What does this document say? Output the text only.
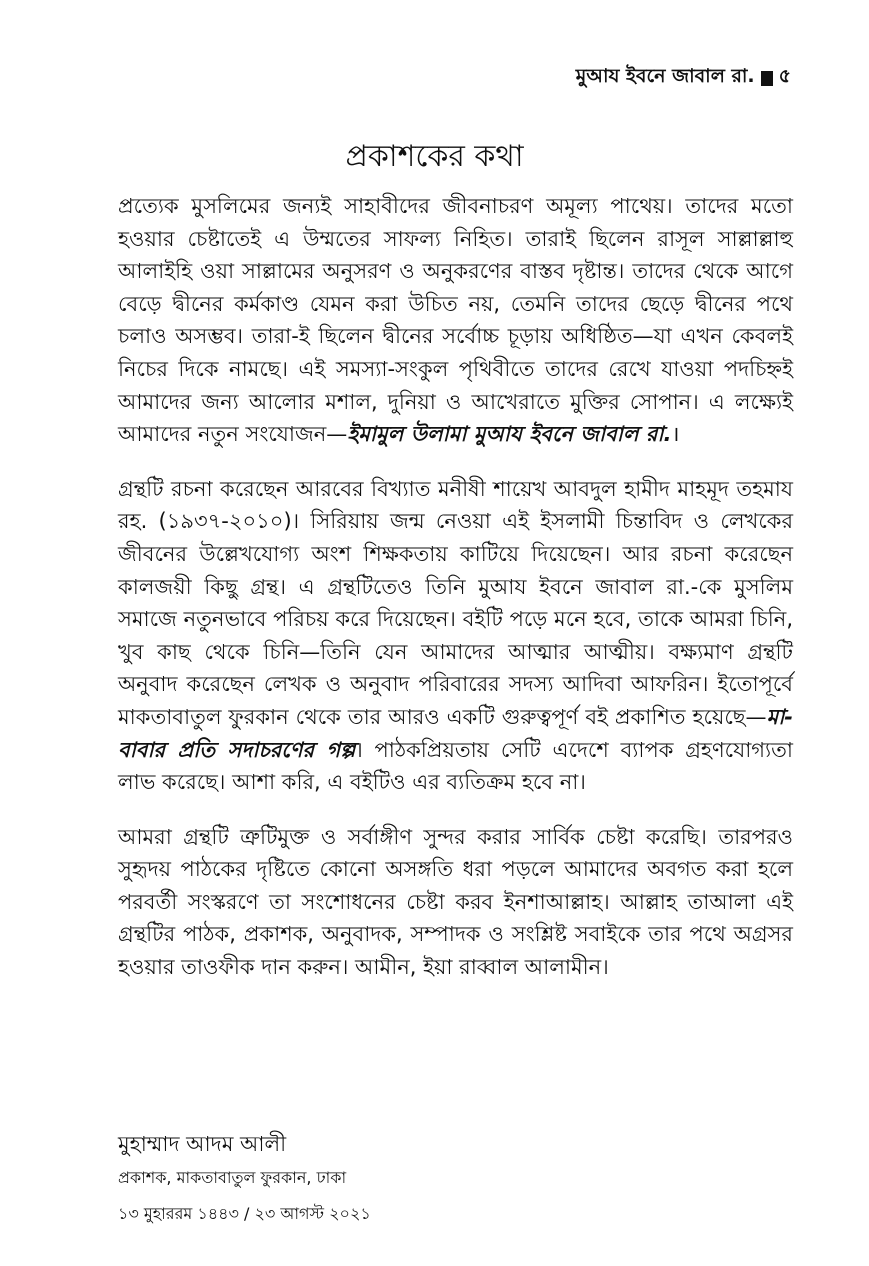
মুআয ইবনে জাবাল রা. ৫
প্রকাশকের কথা

প্রত্যেক মুসলিমের জন্যই সাহাবীদের জীবনাচরণ অমূল্য পাথেয়। তাদের মতো হওয়ার চেষ্টাতেই এ উম্মতের সাফল্য নিহিত। তারাই ছিলেন রাসূল সাল্লাল্লাহু আলাইহি ওয়া সাল্লামের অনুসরণ ও অনুকরণের বাস্তব দৃষ্টান্ত। তাদের থেকে আগে বেড়ে দ্বীনের কর্মকাণ্ড যেমন করা উচিত নয়, তেমনি তাদের ছেড়ে দ্বীনের পথে চলাও অসম্ভব। তারা-ই ছিলেন দ্বীনের সর্বোচ্চ চূড়ায় অধিষ্ঠিত—যা এখন কেবলই নিচের দিকে নামছে। এই সমস্যা-সংকুল পৃথিবীতে তাদের রেখে যাওয়া পদচিহ্নই আমাদের জন্য আলোর মশাল, দুনিয়া ও আখেরাতে মুক্তির সোপান। এ লক্ষ্যেই আমাদের নতুন সংযোজন—ইমামুল উলামা মুআয ইবনে জাবাল রা.।

গ্রন্থটি রচনা করেছেন আরবের বিখ্যাত মনীষী শায়েখ আবদুল হামীদ মাহমূদ তহমায রহ. (১৯৩৭-২০১০)। সিরিয়ায় জন্ম নেওয়া এই ইসলামী চিন্তাবিদ ও লেখকের জীবনের উল্লেখযোগ্য অংশ শিক্ষকতায় কাটিয়ে দিয়েছেন। আর রচনা করেছেন কালজয়ী কিছু গ্রন্থ। এ গ্রন্থটিতেও তিনি মুআয ইবনে জাবাল রা.-কে মুসলিম সমাজে নতুনভাবে পরিচয় করে দিয়েছেন। বইটি পড়ে মনে হবে, তাকে আমরা চিনি, খুব কাছ থেকে চিনি—তিনি যেন আমাদের আত্মার আত্মীয়। বক্ষ্যমাণ গ্রন্থটি অনুবাদ করেছেন লেখক ও অনুবাদ পরিবারের সদস্য আদিবা আফরিন। ইতোপূর্বে মাকতাবাতুল ফুরকান থেকে তার আরও একটি গুরুত্বপূর্ণ বই প্রকাশিত হয়েছে—মা-বাবার প্রতি সদাচরণের গল্প। পাঠকপ্রিয়তায় সেটি এদেশে ব্যাপক গ্রহণযোগ্যতা লাভ করেছে। আশা করি, এ বইটিও এর ব্যতিক্রম হবে না।

আমরা গ্রন্থটি ত্রুটিমুক্ত ও সর্বাঙ্গীণ সুন্দর করার সার্বিক চেষ্টা করেছি। তারপরও সুহৃদয় পাঠকের দৃষ্টিতে কোনো অসঙ্গতি ধরা পড়লে আমাদের অবগত করা হলে পরবর্তী সংস্করণে তা সংশোধনের চেষ্টা করব ইনশাআল্লাহ। আল্লাহ তাআলা এই গ্রন্থটির পাঠক, প্রকাশক, অনুবাদক, সম্পাদক ও সংশ্লিষ্ট সবাইকে তার পথে অগ্রসর হওয়ার তাওফীক দান করুন। আমীন, ইয়া রাব্বাল আলামীন।

মুহাম্মাদ আদম আলী
প্রকাশক, মাকতাবাতুল ফুরকান, ঢাকা
১৩ মুহাররম ১৪৪৩ / ২৩ আগস্ট ২০২১
